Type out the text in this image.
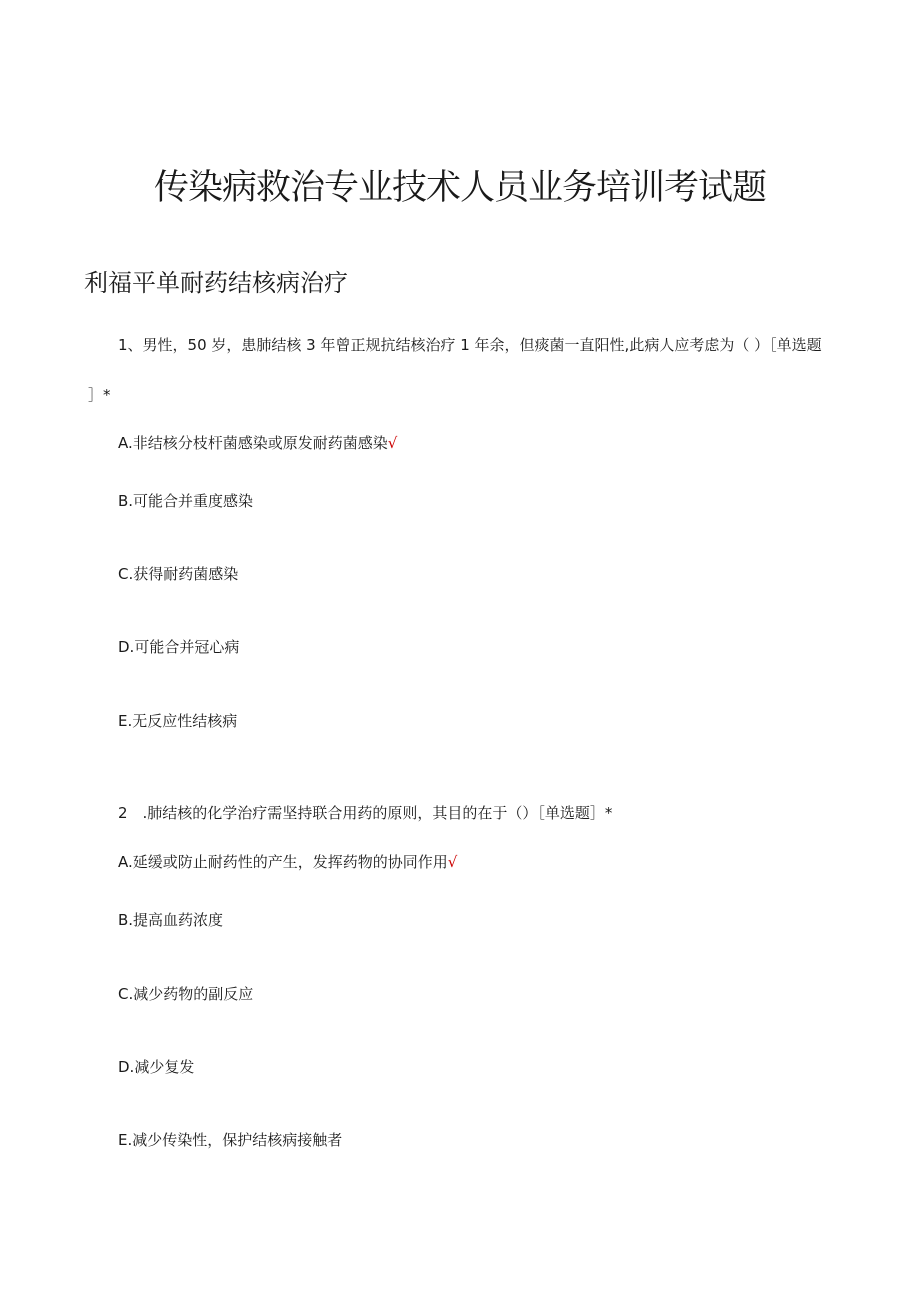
传染病救治专业技术人员业务培训考试题
利福平单耐药结核病治疗
1、男性，50 岁，患肺结核 3 年曾正规抗结核治疗 1 年余，但痰菌一直阳性,此病人应考虑为（ ）［单选题
］*
A.非结核分枝杆菌感染或原发耐药菌感染√
B.可能合并重度感染
C.获得耐药菌感染
D.可能合并冠心病
E.无反应性结核病
2　.肺结核的化学治疗需坚持联合用药的原则，其目的在于（）［单选题］*
A.延缓或防止耐药性的产生，发挥药物的协同作用√
B.提高血药浓度
C.减少药物的副反应
D.减少复发
E.减少传染性，保护结核病接触者
